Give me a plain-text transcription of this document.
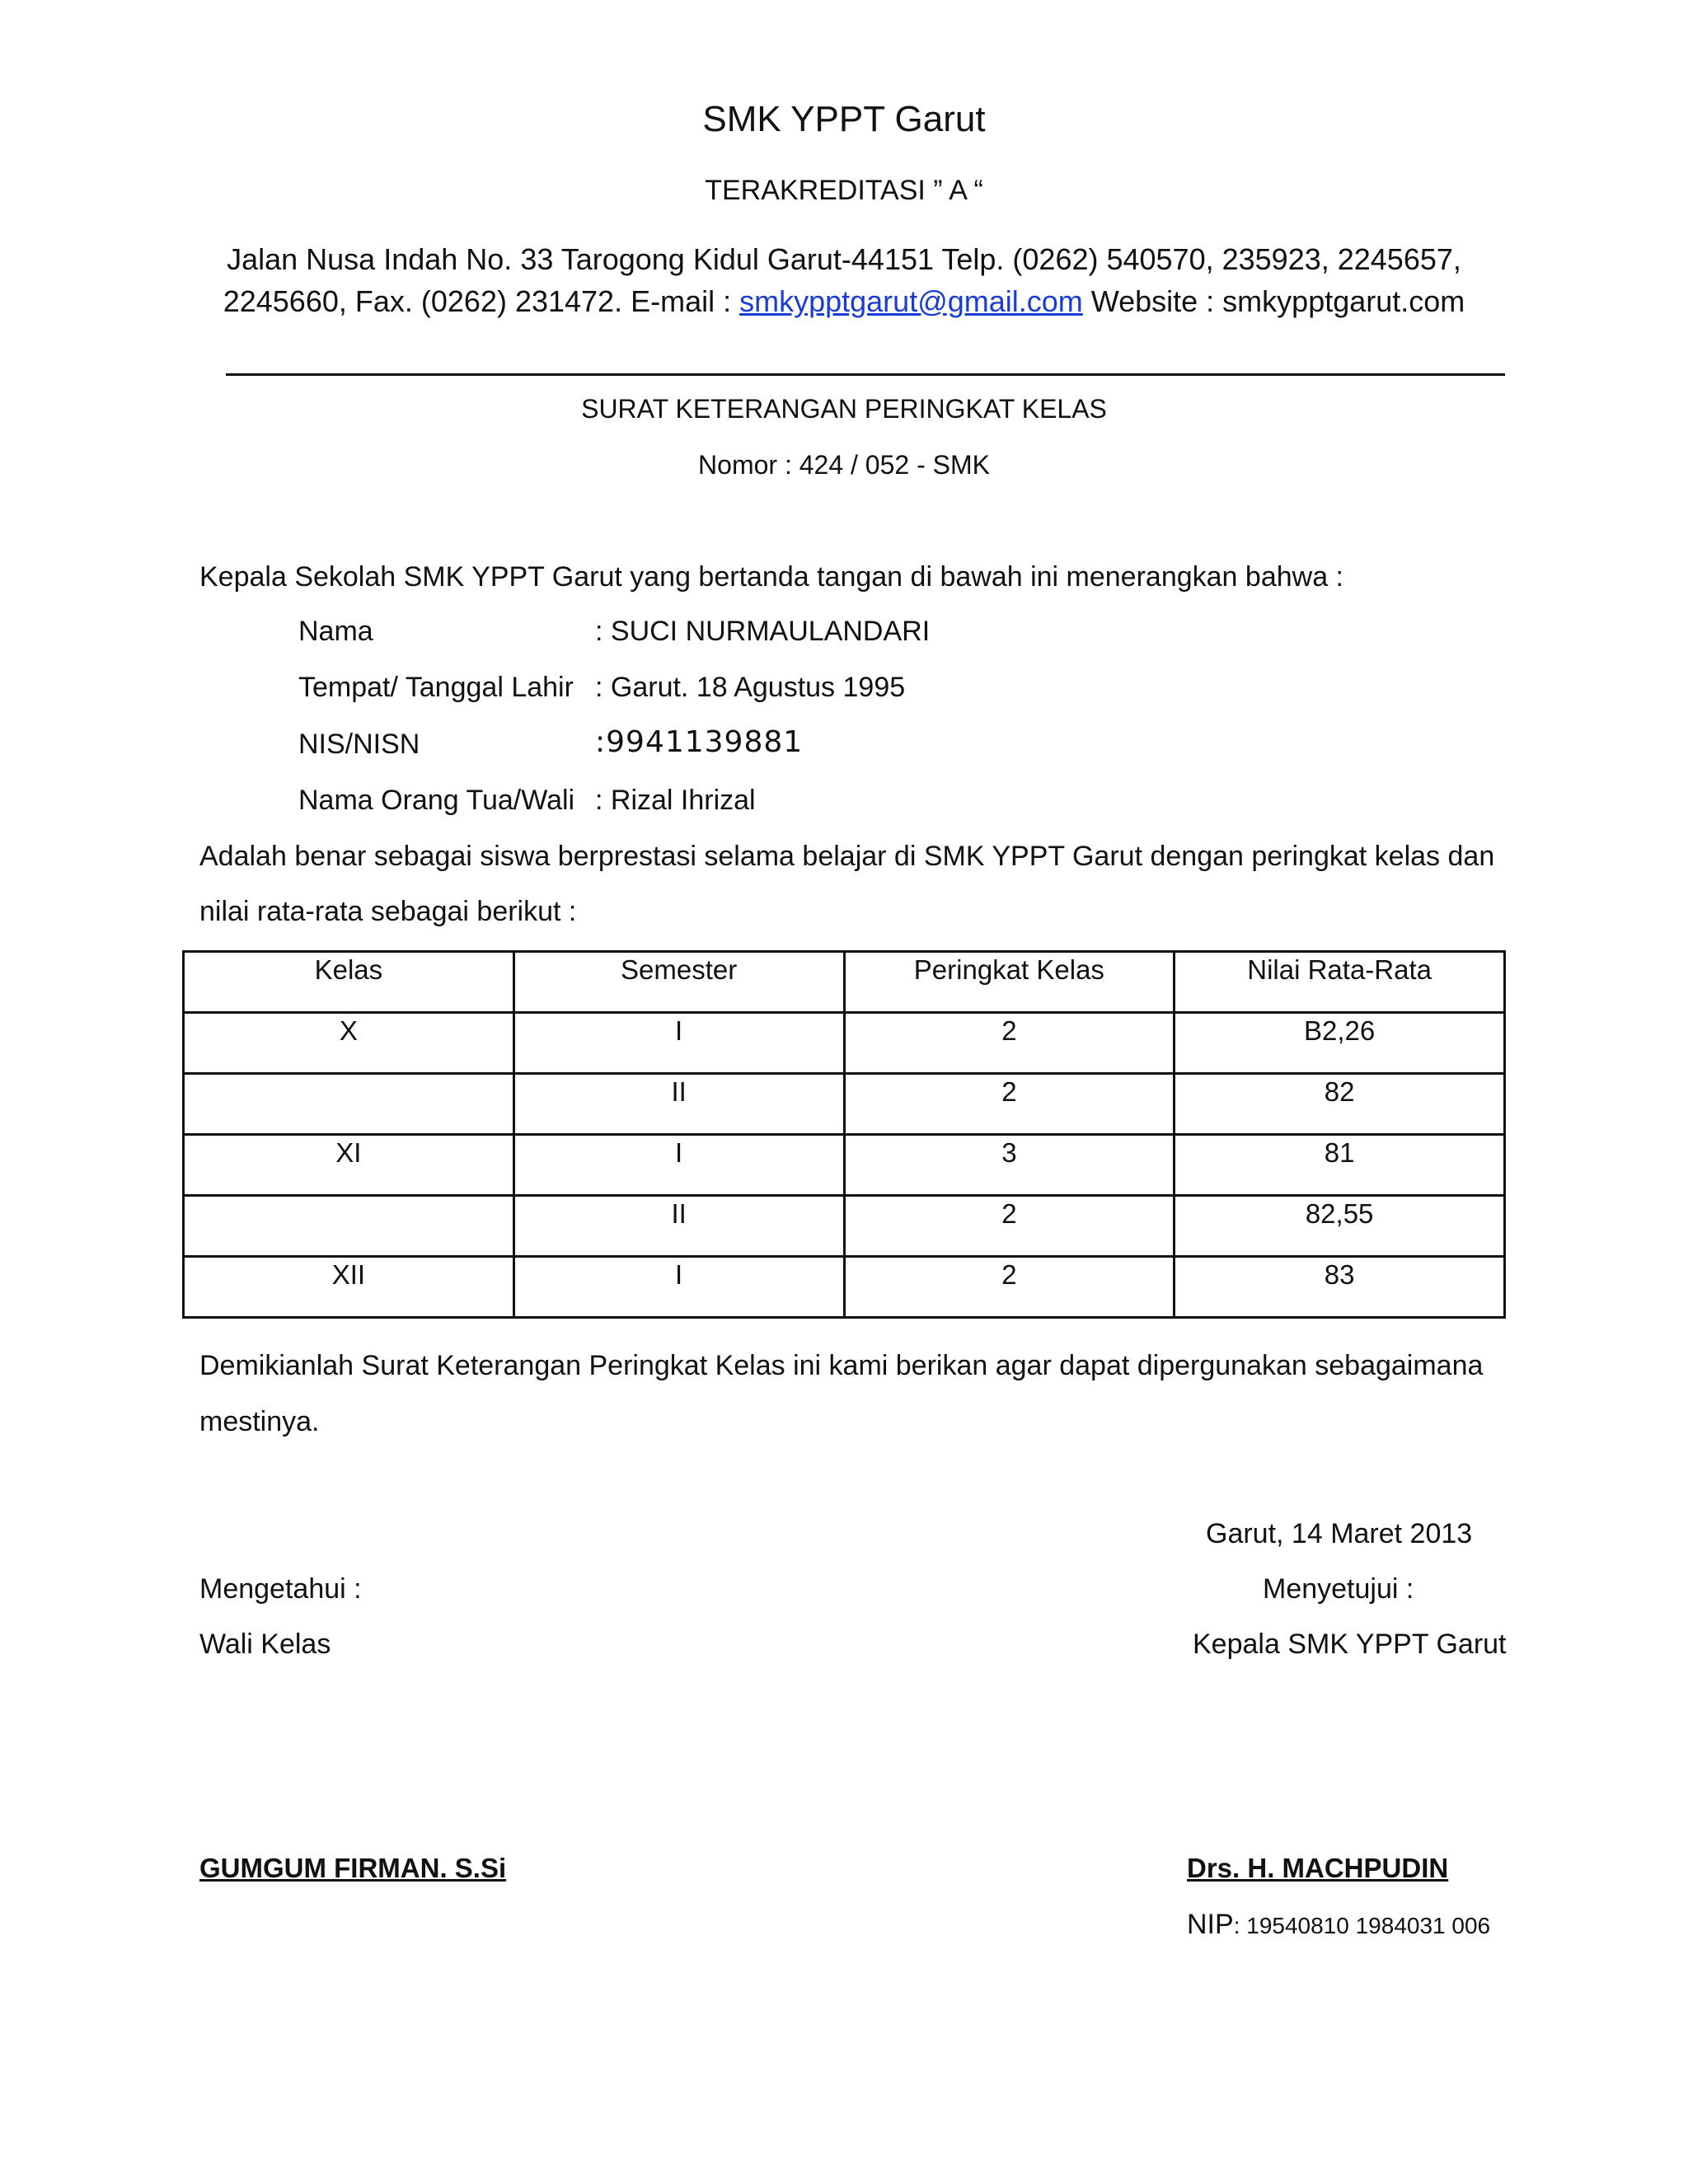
SMK YPPT Garut
TERAKREDITASI ” A “
Jalan Nusa Indah No. 33 Tarogong Kidul Garut-44151 Telp. (0262) 540570, 235923, 2245657,
2245660, Fax. (0262) 231472. E-mail : smkypptgarut@gmail.com Website : smkypptgarut.com
SURAT KETERANGAN PERINGKAT KELAS
Nomor : 424 / 052 - SMK
Kepala Sekolah SMK YPPT Garut yang bertanda tangan di bawah ini menerangkan bahwa :
Nama	: SUCI NURMAULANDARI
Tempat/ Tanggal Lahir : Garut. 18 Agustus 1995
NIS/NISN	:9941139881
Nama Orang Tua/Wali : Rizal Ihrizal
Adalah benar sebagai siswa berprestasi selama belajar di SMK YPPT Garut dengan peringkat kelas dan
nilai rata-rata sebagai berikut :
Kelas	Semester	Peringkat Kelas	Nilai Rata-Rata
X	I	2	B2,26
	II	2	82
XI	I	3	81
	II	2	82,55
XII	I	2	83
Demikianlah Surat Keterangan Peringkat Kelas ini kami berikan agar dapat dipergunakan sebagaimana
mestinya.
Garut, 14 Maret 2013
Mengetahui :	Menyetujui :
Wali Kelas	Kepala SMK YPPT Garut
GUMGUM FIRMAN. S.Si	Drs. H. MACHPUDIN
NIP: 19540810 1984031 006
